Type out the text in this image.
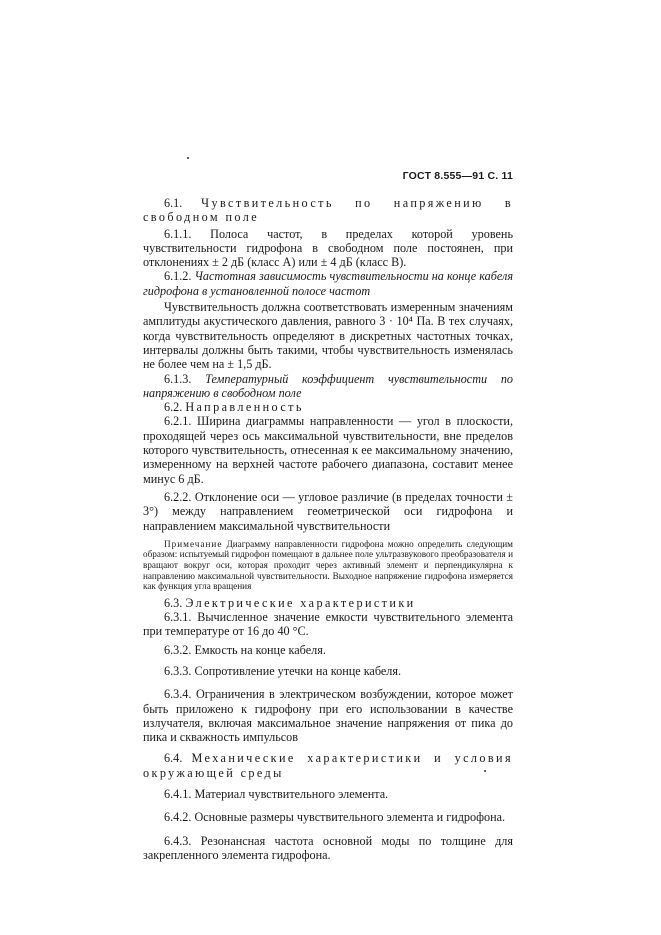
ГОСТ 8.555—91 С. 11

6.1. Чувствительность по напряжению в свободном поле

6.1.1. Полоса частот, в пределах которой уровень чувствительности гидрофона в свободном поле постоянен, при отклонениях ± 2 дБ (класс А) или ± 4 дБ (класс В).

6.1.2. Частотная зависимость чувствительности на конце кабеля гидрофона в установленной полосе частот

Чувствительность должна соответствовать измеренным значениям амплитуды акустического давления, равного 3 · 10⁴ Па. В тех случаях, когда чувствительность определяют в дискретных частотных точках, интервалы должны быть такими, чтобы чувствительность изменялась не более чем на ± 1,5 дБ.

6.1.3. Температурный коэффициент чувствительности по напряжению в свободном поле

6.2. Направленность

6.2.1. Ширина диаграммы направленности — угол в плоскости, проходящей через ось максимальной чувствительности, вне пределов которого чувствительность, отнесенная к ее максимальному значению, измеренному на верхней частоте рабочего диапазона, составит менее минус 6 дБ.

6.2.2. Отклонение оси — угловое различие (в пределах точности ± 3°) между направлением геометрической оси гидрофона и направлением максимальной чувствительности

Примечание Диаграмму направленности гидрофона можно определить следующим образом: испытуемый гидрофон помещают в дальнее поле ультразвукового преобразователя и вращают вокруг оси, которая проходит через активный элемент и перпендикулярна к направлению максимальной чувствительности. Выходное напряжение гидрофона измеряется как функция угла вращения

6.3. Электрические характеристики

6.3.1. Вычисленное значение емкости чувствительного элемента при температуре от 16 до 40 °С.

6.3.2. Емкость на конце кабеля.

6.3.3. Сопротивление утечки на конце кабеля.

6.3.4. Ограничения в электрическом возбуждении, которое может быть приложено к гидрофону при его использовании в качестве излучателя, включая максимальное значение напряжения от пика до пика и скважность импульсов

6.4. Механические характеристики и условия окружающей среды

6.4.1. Материал чувствительного элемента.

6.4.2. Основные размеры чувствительного элемента и гидрофона.

6.4.3. Резонансная частота основной моды по толщине для закрепленного элемента гидрофона.
